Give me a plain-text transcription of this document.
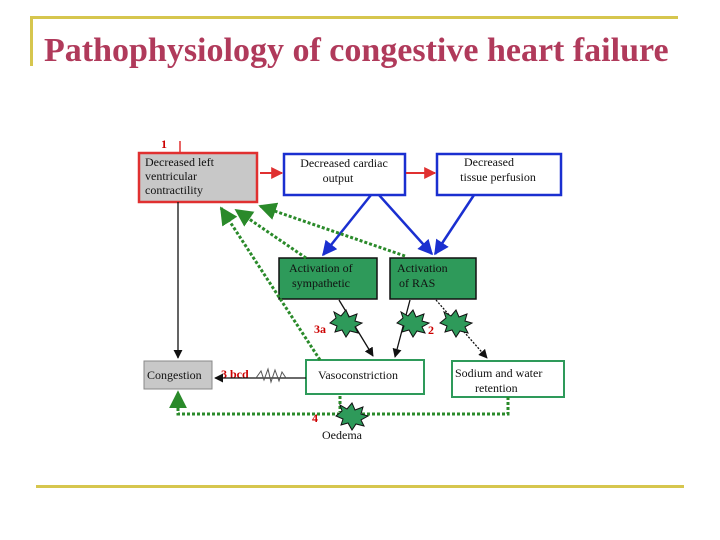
Pathophysiology of congestive heart failure
Decreased left
ventricular
contractility
Decreased cardiac
output
Decreased
tissue perfusion
Activation of
sympathetic
Activation
of RAS
Congestion	Vasoconstriction	Sodium and water
retention
Oedema
1
2
3a
3 bcd
4
